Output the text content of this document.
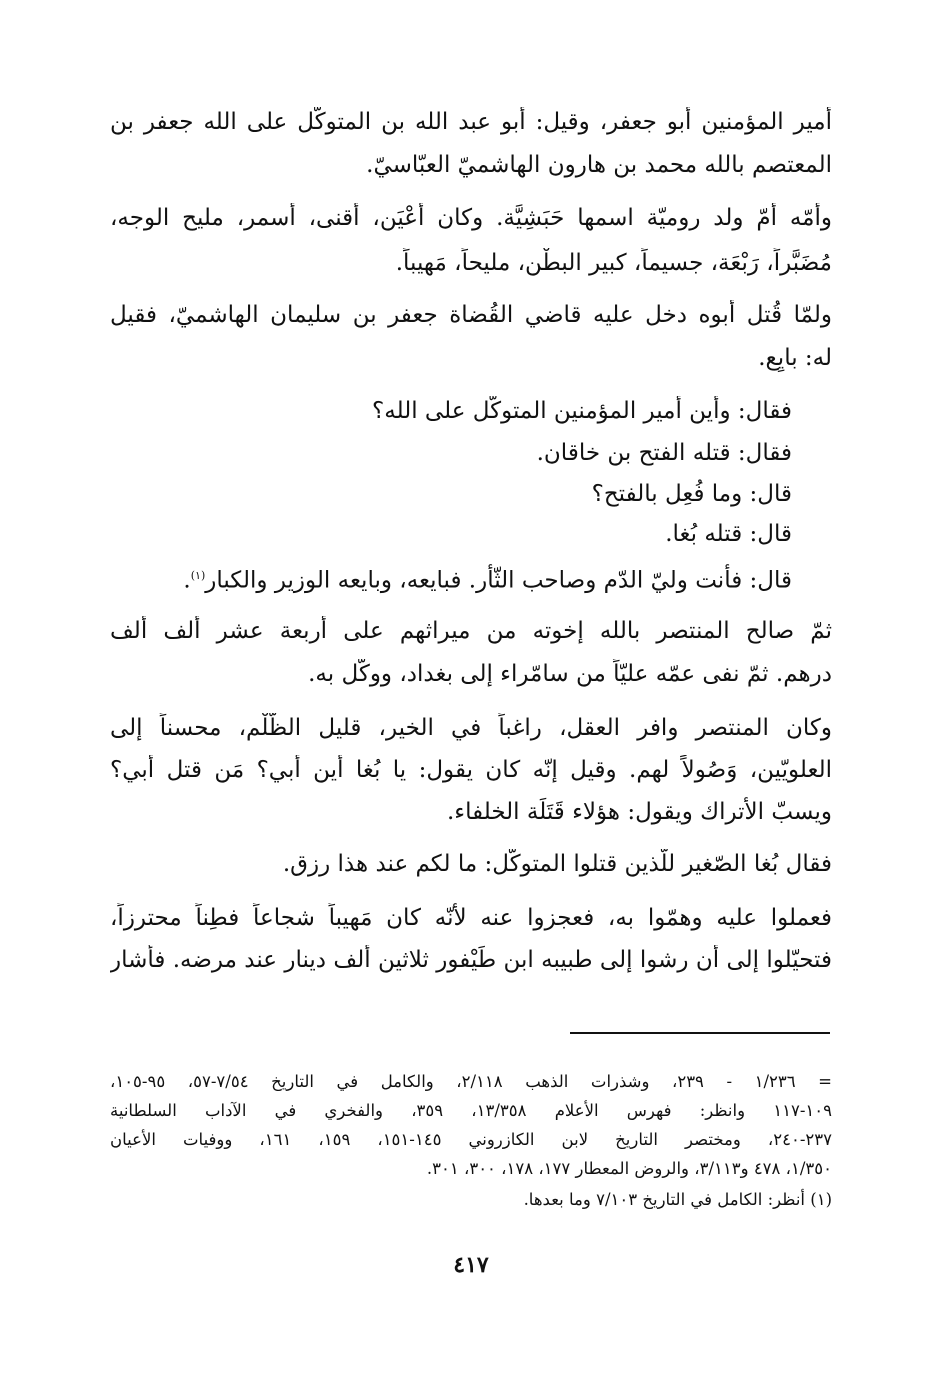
أمير المؤمنين أبو جعفر، وقيل: أبو عبد الله بن المتوكّل على الله جعفر بن
المعتصم بالله محمد بن هارون الهاشميّ العبّاسيّ.
وأمّه أمّ ولد روميّة اسمها حَبَشِيَّة. وكان أَعْيَن، أقنى، أسمر، مليح الوجه،
مُضَبَّراً، رَبْعَة، جسيماً، كبير البطْن، مليحاً، مَهيباً.
ولمّا قُتل أبوه دخل عليه قاضي القُضاة جعفر بن سليمان الهاشميّ، فقيل
له: بايِع.
فقال: وأين أمير المؤمنين المتوكّل على الله؟
فقال: قتله الفتح بن خاقان.
قال: وما فُعِل بالفتح؟
قال: قتله بُغا.
قال: فأنت وليّ الدّم وصاحب الثّأر. فبايعه، وبايعه الوزير والكبار$^{(١)}$.
ثمّ صالح المنتصر بالله إخوته من ميراثهم على أربعة عشر ألف ألف
درهم. ثمّ نفى عمّه عليّاً من سامّراء إلى بغداد، ووكّل به.
وكان المنتصر وافر العقل، راغباً في الخير، قليل الظُّلْم، محسناً إلى
العلويّين، وَصُولاً لهم. وقيل إنّه كان يقول: يا بُغا أين أبي؟ مَن قتل أبي؟
ويسبّ الأتراك ويقول: هؤلاء قَتَلَة الخلفاء.
فقال بُغا الصّغير للّذين قتلوا المتوكّل: ما لكم عند هذا رزق.
فعملوا عليه وهمّوا به، فعجزوا عنه لأنّه كان مَهيباً شجاعاً فطِناً محترزاً،
فتحيّلوا إلى أن رشوا إلى طبيبه ابن طَيْفور ثلاثين ألف دينار عند مرضه. فأشار
= ١/٢٣٦ - ٢٣٩، وشذرات الذهب ٢/١١٨، والكامل في التاريخ ٧/٥٤-٥٧، ٩٥-١٠٥،
١٠٩-١١٧ وانظر: فهرس الأعلام ١٣/٣٥٨، ٣٥٩، والفخري في الآداب السلطانية
٢٣٧-٢٤٠، ومختصر التاريخ لابن الكازروني ١٤٥-١٥١، ١٥٩، ١٦١، ووفيات الأعيان
١/٣٥٠، ٤٧٨ و٣/١١٣، والروض المعطار ١٧٧، ١٧٨، ٣٠٠، ٣٠١.
(١) أنظر: الكامل في التاريخ ٧/١٠٣ وما بعدها.
٤١٧
